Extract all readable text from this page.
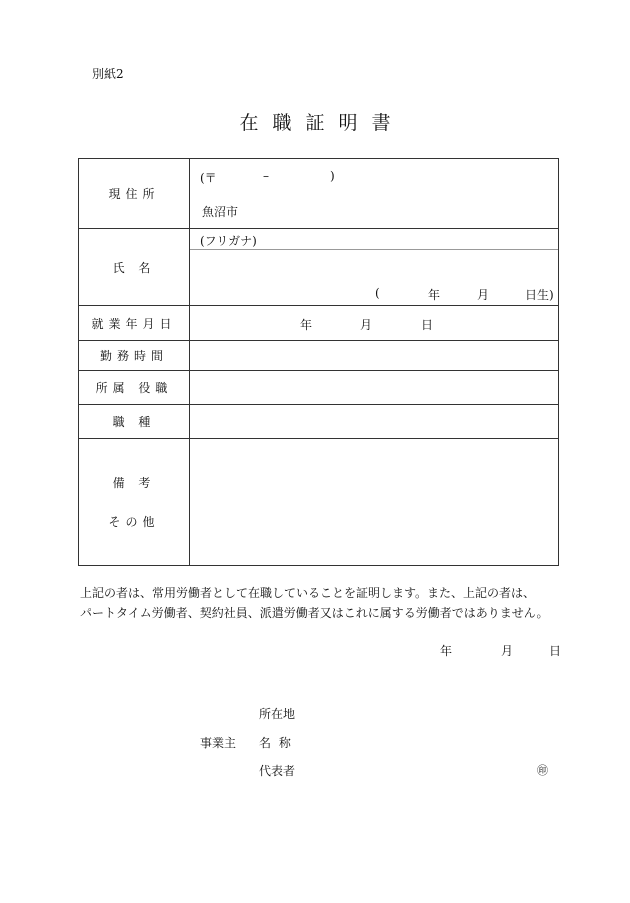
別紙2
在職証明書
現住所	(〒 – )
魚沼市

氏 名	(フリガナ)
( 年 月 日生)

就業年月日	年 月 日

勤務時間	
所属 役職	
職 種	

備 考
その他	

上記の者は、常用労働者として在職していることを証明します。また、上記の者は、
パートタイム労働者、契約社員、派遣労働者又はこれに属する労働者ではありません。
年	月	日
所在地
事業主 名 称
代表者	㊞
